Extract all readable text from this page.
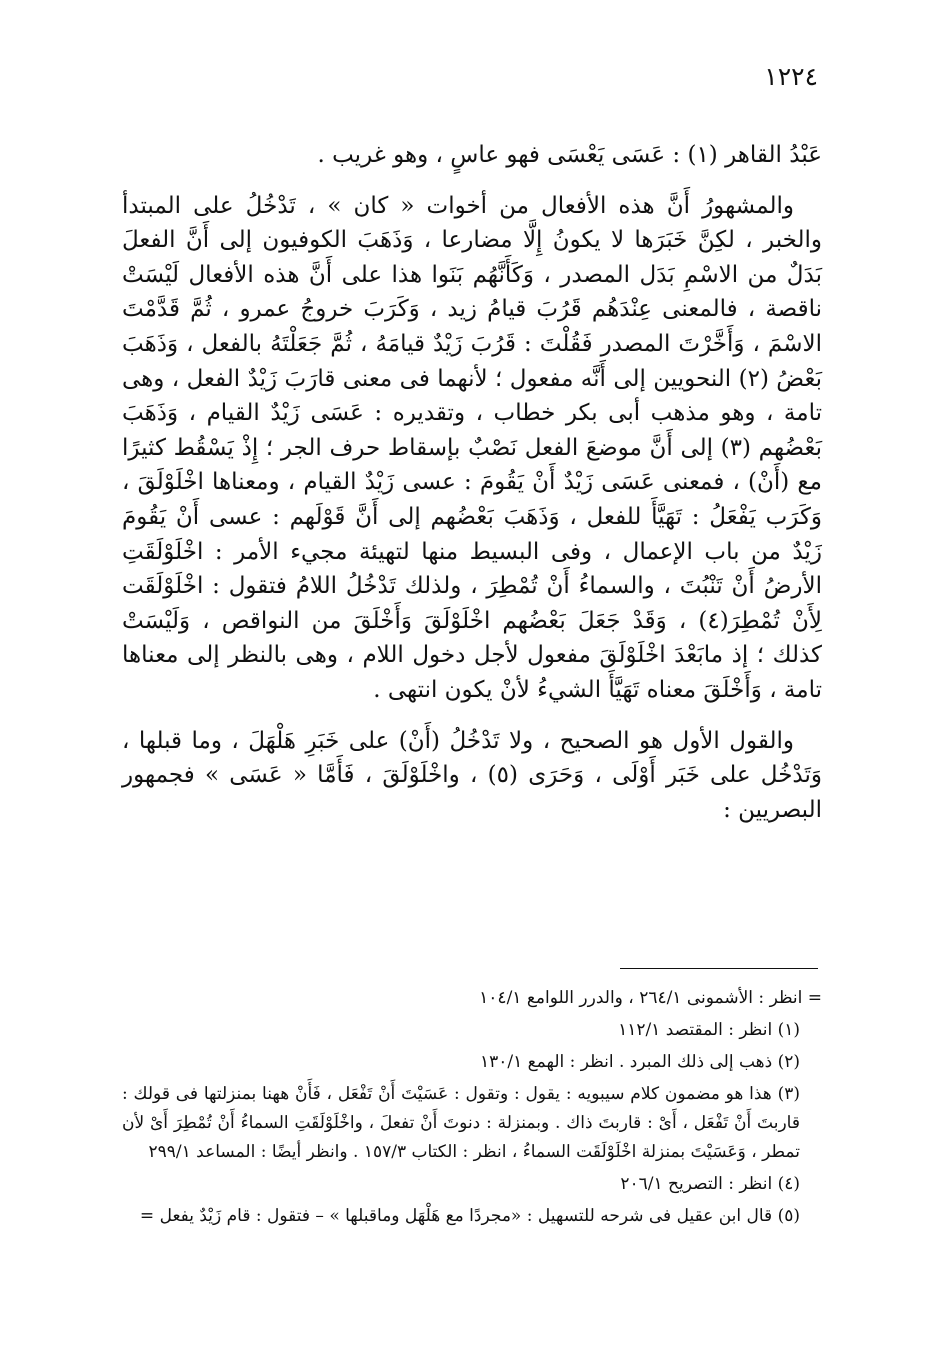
١٢٢٤

عَبْدُ القاهر (١) : عَسَى يَعْسَى فهو عاسٍ ، وهو غريب .

والمشهورُ أَنَّ هذه الأفعال من أخوات « كان » ، تَدْخُلُ على المبتدأ والخبر ، لكِنَّ خَبَرَها لا يكونُ إِلَّا مضارعا ، وَذَهَبَ الكوفيون إلى أَنَّ الفعلَ بَدَلٌ من الاسْمِ بَدَل المصدر ، وَكَأَنَّهُم بَنَوا هذا على أَنَّ هذه الأفعال لَيْسَتْ ناقصة ، فالمعنى عِنْدَهُم قَرُبَ قيامُ زيد ، وَكَرَبَ خروجُ عمرو ، ثُمَّ قَدَّمْتَ الاسْمَ ، وَأَخَّرْتَ المصدر فَقُلْتَ : قَرُبَ زَيْدٌ قيامَهُ ، ثُمَّ جَعَلْتَهُ بالفعل ، وَذَهَبَ بَعْضُ (٢) النحويين إلى أَنَّه مفعول ؛ لأنهما فى معنى قارَبَ زَيْدٌ الفعل ، وهى تامة ، وهو مذهب أبى بكر خطاب ، وتقديره : عَسَى زَيْدٌ القيام ، وَذَهَبَ بَعْضُهم (٣) إلى أَنَّ موضعَ الفعل نَصْبٌ بإسقاط حرف الجر ؛ إِذْ يَسْقُط كثيرًا مع (أَنْ) ، فمعنى عَسَى زَيْدٌ أَنْ يَقُومَ : عسى زَيْدٌ القيام ، ومعناها اخْلَوْلَقَ ، وَكَرَب يَفْعَلُ : تَهَيَّأَ للفعل ، وَذَهَبَ بَعْضُهم إلى أَنَّ قَوْلَهم : عسى أَنْ يَقُومَ زَيْدٌ من باب الإعمال ، وفى البسيط منها لتهيئة مجيء الأمر : اخْلَوْلَقَتِ الأرضُ أَنْ تَنْبُتَ ، والسماءُ أَنْ تُمْطِرَ ، ولذلك تَدْخُلُ اللامُ فتقول : اخْلَوْلَقَت لِأَنْ تُمْطِرَ(٤) ، وَقَدْ جَعَلَ بَعْضُهم اخْلَوْلَقَ وَأَخْلَقَ من النواقص ، وَلَيْسَتْ كذلك ؛ إذ مابَعْدَ اخْلَوْلَقَ مفعول لأجل دخول اللام ، وهى بالنظر إلى معناها تامة ، وَأَخْلَقَ معناه تَهَيَّأَ الشيءُ لأنْ يكون انتهى .

والقول الأول هو الصحيح ، ولا تَدْخُلُ (أَنْ) على خَبَرِ هَلْهَلَ ، وما قبلها ، وَتَدْخُل على خَبَر أَوْلَى ، وَحَرَى (٥) ، واخْلَوْلَقَ ، فَأَمَّا « عَسَى » فجمهور البصريين :

= انظر : الأشمونى ٢٦٤/١ ، والدرر اللوامع ١٠٤/١

(١) انظر : المقتصد ١١٢/١

(٢) ذهب إلى ذلك المبرد . انظر : الهمع ١٣٠/١

(٣) هذا هو مضمون كلام سيبويه : يقول : وتقول : عَسَيْتَ أَنْ تَفْعَل ، فَأَنْ ههنا بمنزلتها فى قولك : قاربتَ أَنْ تَفْعَل ، أَىْ : قاربتَ ذاك . وبمنزلة : دنوتَ أَنْ تفعلَ ، واخْلَوْلَقَتِ السماءُ أَنْ تُمْطِرَ أَىْ لأن تمطر ، وَعَسَيْتَ بمنزلة اخْلَوْلَقَت السماءُ ، انظر : الكتاب ١٥٧/٣ . وانظر أيضًا : المساعد ٢٩٩/١

(٤) انظر : التصريح ٢٠٦/١

(٥) قال ابن عقيل فى شرحه للتسهيل : «مجردًا مع هَلْهَل وماقبلها » – فتقول : قام زَيْدٌ يفعل =
